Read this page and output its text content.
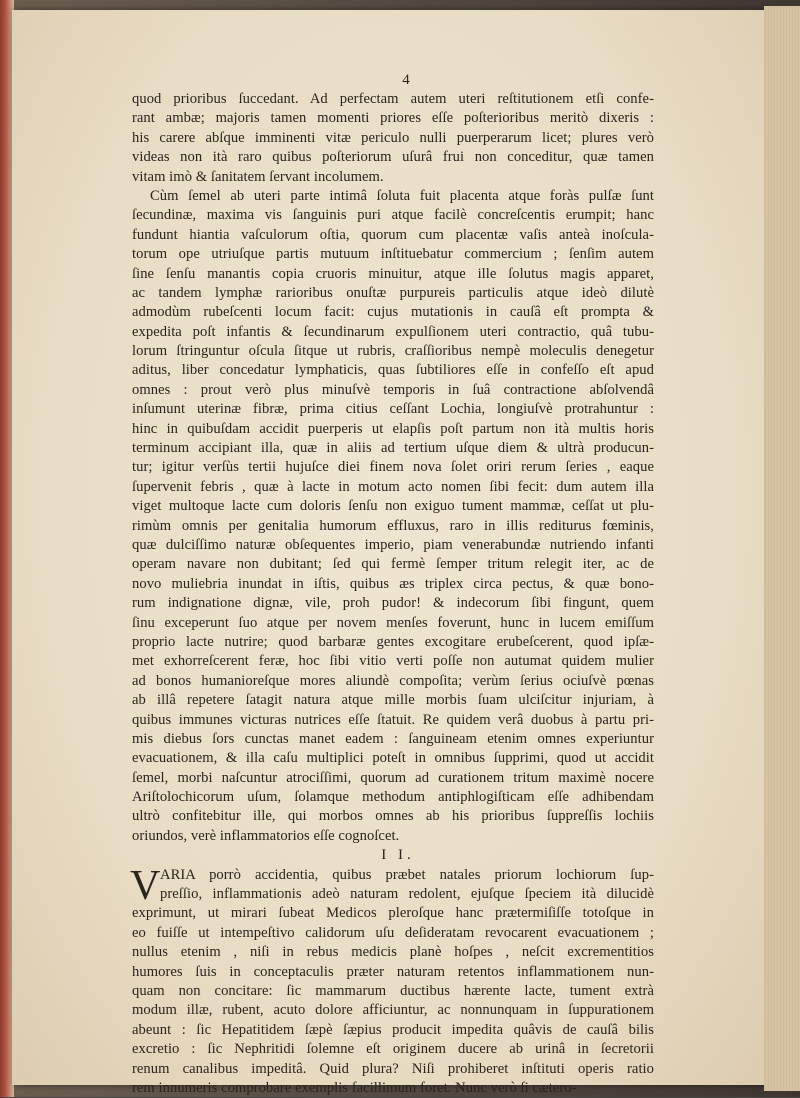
4
quod prioribus ſuccedant. Ad perfectam autem uteri reſtitutionem etſi confe-
rant ambæ; majoris tamen momenti priores eſſe poſterioribus meritò dixeris :
his carere abſque imminenti vitæ periculo nulli puerperarum licet; plures verò
videas non ità raro quibus poſteriorum uſurâ frui non conceditur, quæ tamen
vitam imò & ſanitatem ſervant incolumem.
Cùm ſemel ab uteri parte intimâ ſoluta fuit placenta atque foràs pulſæ ſunt
ſecundinæ, maxima vis ſanguinis puri atque facilè concreſcentis erumpit; hanc
fundunt hiantia vaſculorum oſtia, quorum cum placentæ vaſis anteà inoſcula-
torum ope utriuſque partis mutuum inſtituebatur commercium ; ſenſim autem
ſine ſenſu manantis copia cruoris minuitur, atque ille ſolutus magis apparet,
ac tandem lymphæ rarioribus onuſtæ purpureis particulis atque ideò dilutè
admodùm rubeſcenti locum facit: cujus mutationis in cauſâ eſt prompta &
expedita poſt infantis & ſecundinarum expulſionem uteri contractio, quâ tubu-
lorum ſtringuntur oſcula ſitque ut rubris, craſſioribus nempè moleculis denegetur
aditus, liber concedatur lymphaticis, quas ſubtiliores eſſe in confeſſo eſt apud
omnes : prout verò plus minuſvè temporis in ſuâ contractione abſolvendâ
inſumunt uterinæ fibræ, prima citius ceſſant Lochia, longiuſvè protrahuntur :
hinc in quibuſdam accidit puerperis ut elapſis poſt partum non ità multis horis
terminum accipiant illa, quæ in aliis ad tertium uſque diem & ultrà producun-
tur; igitur verſùs tertii hujuſce diei finem nova ſolet oriri rerum ſeries , eaque
ſupervenit febris , quæ à lacte in motum acto nomen ſibi fecit: dum autem illa
viget multoque lacte cum doloris ſenſu non exiguo tument mammæ, ceſſat ut plu-
rimùm omnis per genitalia humorum effluxus, raro in illis rediturus fœminis,
quæ dulciſſimo naturæ obſequentes imperio, piam venerabundæ nutriendo infanti
operam navare non dubitant; ſed qui fermè ſemper tritum relegit iter, ac de
novo muliebria inundat in iſtis, quibus æs triplex circa pectus, & quæ bono-
rum indignatione dignæ, vile, proh pudor! & indecorum ſibi fingunt, quem
ſinu exceperunt ſuo atque per novem menſes foverunt, hunc in lucem emiſſum
proprio lacte nutrire; quod barbaræ gentes excogitare erubeſcerent, quod ipſæ-
met exhorreſcerent feræ, hoc ſibi vitio verti poſſe non autumat quidem mulier
ad bonos humanioreſque mores aliundè compoſita; verùm ſerius ociuſvè pœnas
ab illâ repetere ſatagit natura atque mille morbis ſuam ulciſcitur injuriam, à
quibus immunes victuras nutrices eſſe ſtatuit. Re quidem verâ duobus à partu pri-
mis diebus ſors cunctas manet eadem : ſanguineam etenim omnes experiuntur
evacuationem, & illa caſu multiplici poteſt in omnibus ſupprimi, quod ut accidit
ſemel, morbi naſcuntur atrociſſimi, quorum ad curationem tritum maximè nocere
Ariſtolochicorum uſum, ſolamque methodum antiphlogiſticam eſſe adhibendam
ultrò confitebitur ille, qui morbos omnes ab his prioribus ſuppreſſis lochiis
oriundos, verè inflammatorios eſſe cognoſcet.
I I.
V ARIA porrò accidentia, quibus præbet natales priorum lochiorum ſup-
preſſio, inflammationis adeò naturam redolent, ejuſque ſpeciem ità dilucidè
exprimunt, ut mirari ſubeat Medicos pleroſque hanc prætermiſiſſe totoſque in
eo fuiſſe ut intempeſtivo calidorum uſu deſideratam revocarent evacuationem ;
nullus etenim , niſi in rebus medicis planè hoſpes , neſcit excrementitios
humores ſuis in conceptaculis præter naturam retentos inflammationem nun-
quam non concitare: ſic mammarum ductibus hærente lacte, tument extrà
modum illæ, rubent, acuto dolore afficiuntur, ac nonnunquam in ſuppurationem
abeunt : ſic Hepatitidem ſæpè ſæpius producit impedita quâvis de cauſâ bilis
excretio : ſic Nephritidi ſolemne eſt originem ducere ab urinâ in ſecretorii
renum canalibus impeditâ. Quid plura? Niſi prohiberet inſtituti operis ratio
rem innumeris comprobare exemplis facillimum foret. Nunc verò ſi cætero-
